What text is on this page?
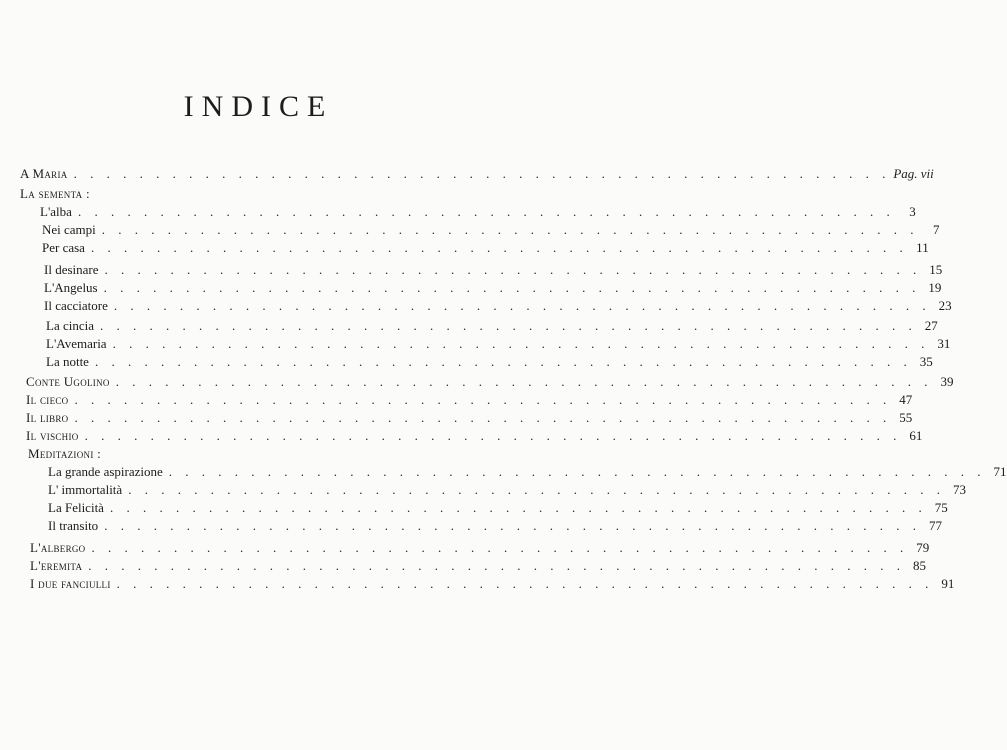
INDICE
A Maria . . . . . . . . . . . . . . . . . . . . . . . . . . . . . . . . . . . . . . . . . . . . . . . . . . Pag. vii
La sementa :
L'alba . . . . . . . . . . . . . . . . . . . . . . . . . . . . . . . . . . . . . . . . . . . . . . . . . .	3
Nei campi . . . . . . . . . . . . . . . . . . . . . . . . . . . . . . . . . . . . . . . . . . . . . . . . . .	7
Per casa . . . . . . . . . . . . . . . . . . . . . . . . . . . . . . . . . . . . . . . . . . . . . . . . . . 11
Il desinare . . . . . . . . . . . . . . . . . . . . . . . . . . . . . . . . . . . . . . . . . . . . . . . . . . 15
L'Angelus . . . . . . . . . . . . . . . . . . . . . . . . . . . . . . . . . . . . . . . . . . . . . . . . . . 19
Il cacciatore . . . . . . . . . . . . . . . . . . . . . . . . . . . . . . . . . . . . . . . . . . . . . . . . . . 23
La cincia . . . . . . . . . . . . . . . . . . . . . . . . . . . . . . . . . . . . . . . . . . . . . . . . . . 27
L'Avemaria . . . . . . . . . . . . . . . . . . . . . . . . . . . . . . . . . . . . . . . . . . . . . . . . . . 31
La notte . . . . . . . . . . . . . . . . . . . . . . . . . . . . . . . . . . . . . . . . . . . . . . . . . . 35
Conte Ugolino . . . . . . . . . . . . . . . . . . . . . . . . . . . . . . . . . . . . . . . . . . . . . . . . . . 39
Il cieco . . . . . . . . . . . . . . . . . . . . . . . . . . . . . . . . . . . . . . . . . . . . . . . . . . 47
Il libro . . . . . . . . . . . . . . . . . . . . . . . . . . . . . . . . . . . . . . . . . . . . . . . . . . 55
Il vischio . . . . . . . . . . . . . . . . . . . . . . . . . . . . . . . . . . . . . . . . . . . . . . . . . . 61
Meditazioni :
La grande aspirazione . . . . . . . . . . . . . . . . . . . . . . . . . . . . . . . . . . . . . . . . . . . . . . . . . . 71
L' immortalità . . . . . . . . . . . . . . . . . . . . . . . . . . . . . . . . . . . . . . . . . . . . . . . . . . 73
La Felicità . . . . . . . . . . . . . . . . . . . . . . . . . . . . . . . . . . . . . . . . . . . . . . . . . . 75
Il transito . . . . . . . . . . . . . . . . . . . . . . . . . . . . . . . . . . . . . . . . . . . . . . . . . . 77
L'albergo . . . . . . . . . . . . . . . . . . . . . . . . . . . . . . . . . . . . . . . . . . . . . . . . . . 79
L'eremita . . . . . . . . . . . . . . . . . . . . . . . . . . . . . . . . . . . . . . . . . . . . . . . . . . 85
I due fanciulli . . . . . . . . . . . . . . . . . . . . . . . . . . . . . . . . . . . . . . . . . . . . . . . . . . 91
